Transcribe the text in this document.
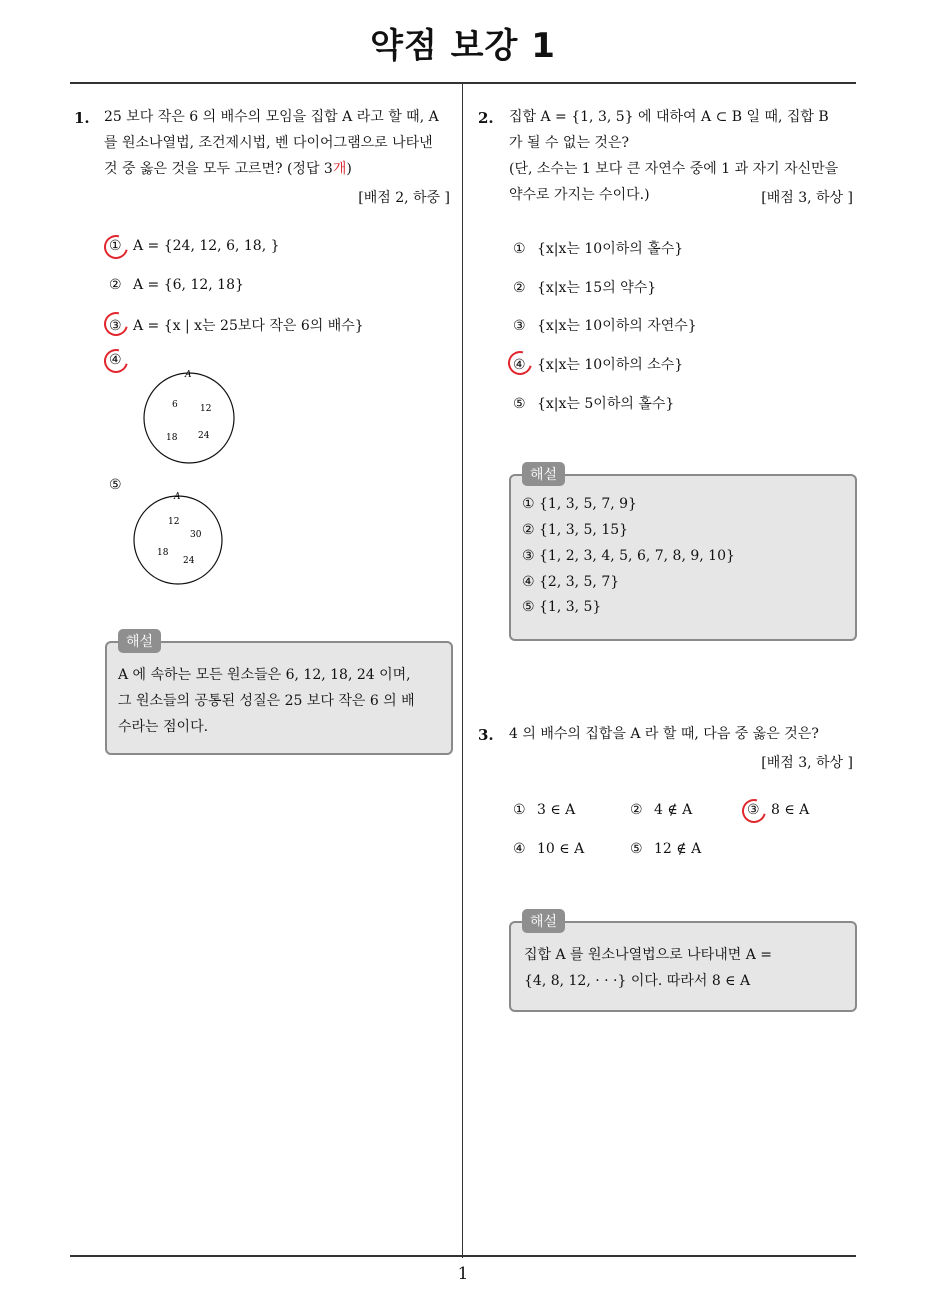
약점 보강 1
1. 25 보다 작은 6 의 배수의 모임을 집합 A 라고 할 때, A
를 원소나열법, 조건제시법, 벤 다이어그램으로 나타낸
것 중 옳은 것을 모두 고르면? (정답 3개)
[배점 2, 하중 ]
① A = {24, 12, 6, 18, }
② A = {6, 12, 18}
③ A = {x | x는 25보다 작은 6의 배수}
④
A
6 12
18 24
⑤
A
12
30
18
24
해설
A 에 속하는 모든 원소들은 6, 12, 18, 24 이며,
그 원소들의 공통된 성질은 25 보다 작은 6 의 배
수라는 점이다.
2. 집합 A = {1, 3, 5} 에 대하여 A ⊂ B 일 때, 집합 B
가 될 수 없는 것은?
(단, 소수는 1 보다 큰 자연수 중에 1 과 자기 자신만을
약수로 가지는 수이다.)	[배점 3, 하상 ]
① {x|x는 10이하의 홀수}
② {x|x는 15의 약수}
③ {x|x는 10이하의 자연수}
④ {x|x는 10이하의 소수}
⑤ {x|x는 5이하의 홀수}
해설
① {1, 3, 5, 7, 9}
② {1, 3, 5, 15}
③ {1, 2, 3, 4, 5, 6, 7, 8, 9, 10}
④ {2, 3, 5, 7}
⑤ {1, 3, 5}
3. 4 의 배수의 집합을 A 라 할 때, 다음 중 옳은 것은?
[배점 3, 하상 ]
① 3 ∈ A	② 4 ∉ A	③ 8 ∈ A
④ 10 ∈ A	⑤ 12 ∉ A
해설
집합 A 를 원소나열법으로 나타내면 A =
{4, 8, 12, · · ·} 이다. 따라서 8 ∈ A
1
